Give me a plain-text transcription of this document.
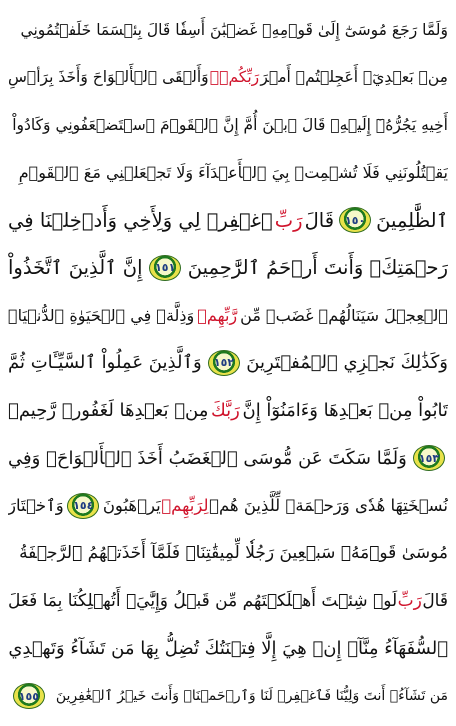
وَلَمَّا رَجَعَ مُوسَىٰٓ إِلَىٰ قَوۡمِهِۦ غَضۡبَٰنَ أَسِفٗا قَالَ بِئۡسَمَا خَلَفۡتُمُونِي
مِنۢ بَعۡدِيٓۖ أَعَجِلۡتُمۡ أَمۡرَ
رَبِّكُمۡۖ
وَأَلۡقَى ٱلۡأَلۡوَاحَ وَأَخَذَ بِرَأۡسِ
أَخِيهِ يَجُرُّهُۥٓ إِلَيۡهِۚ قَالَ ٱبۡنَ أُمَّ إِنَّ ٱلۡقَوۡمَ ٱسۡتَضۡعَفُونِي وَكَادُواْ
يَقۡتُلُونَنِي فَلَا تُشۡمِتۡ بِيَ ٱلۡأَعۡدَآءَ وَلَا تَجۡعَلۡنِي مَعَ ٱلۡقَوۡمِ
ٱلظَّٰلِمِينَ
١٥٠
قَالَ
رَبِّ
ٱغۡفِرۡ لِي وَلِأَخِي وَأَدۡخِلۡنَا فِي
رَحۡمَتِكَۖ وَأَنتَ أَرۡحَمُ ٱلرَّٰحِمِينَ
١٥١
إِنَّ ٱلَّذِينَ ٱتَّخَذُواْ
ٱلۡعِجۡلَ سَيَنَالُهُمۡ غَضَبٞ مِّن
رَّبِّهِمۡ
وَذِلَّةٞ فِي ٱلۡحَيَوٰةِ ٱلدُّنۡيَاۚ
وَكَذَٰلِكَ نَجۡزِي ٱلۡمُفۡتَرِينَ
١٥٢
وَٱلَّذِينَ عَمِلُواْ ٱلسَّيِّـَٔاتِ ثُمَّ
تَابُواْ مِنۢ بَعۡدِهَا وَءَامَنُوٓاْ إِنَّ
رَبَّكَ
مِنۢ بَعۡدِهَا لَغَفُورٞ رَّحِيمٞ
١٥٣
وَلَمَّا سَكَتَ عَن مُّوسَى ٱلۡغَضَبُ أَخَذَ ٱلۡأَلۡوَاحَۖ وَفِي
نُسۡخَتِهَا هُدٗى وَرَحۡمَةٞ لِّلَّذِينَ هُمۡ
لِرَبِّهِمۡ
يَرۡهَبُونَ
١٥٤
وَٱخۡتَارَ
مُوسَىٰ قَوۡمَهُۥ سَبۡعِينَ رَجُلٗا لِّمِيقَٰتِنَاۖ فَلَمَّآ أَخَذَتۡهُمُ ٱلرَّجۡفَةُ
قَالَ
رَبِّ
لَوۡ شِئۡتَ أَهۡلَكۡتَهُم مِّن قَبۡلُ وَإِيَّٰيَۖ أَتُهۡلِكُنَا بِمَا فَعَلَ
ٱلسُّفَهَآءُ مِنَّآۖ إِنۡ هِيَ إِلَّا فِتۡنَتُكَ تُضِلُّ بِهَا مَن تَشَآءُ وَتَهۡدِي
مَن تَشَآءُۖ أَنتَ وَلِيُّنَا فَٱغۡفِرۡ لَنَا وَٱرۡحَمۡنَاۖ وَأَنتَ خَيۡرُ ٱلۡغَٰفِرِينَ
١٥٥
